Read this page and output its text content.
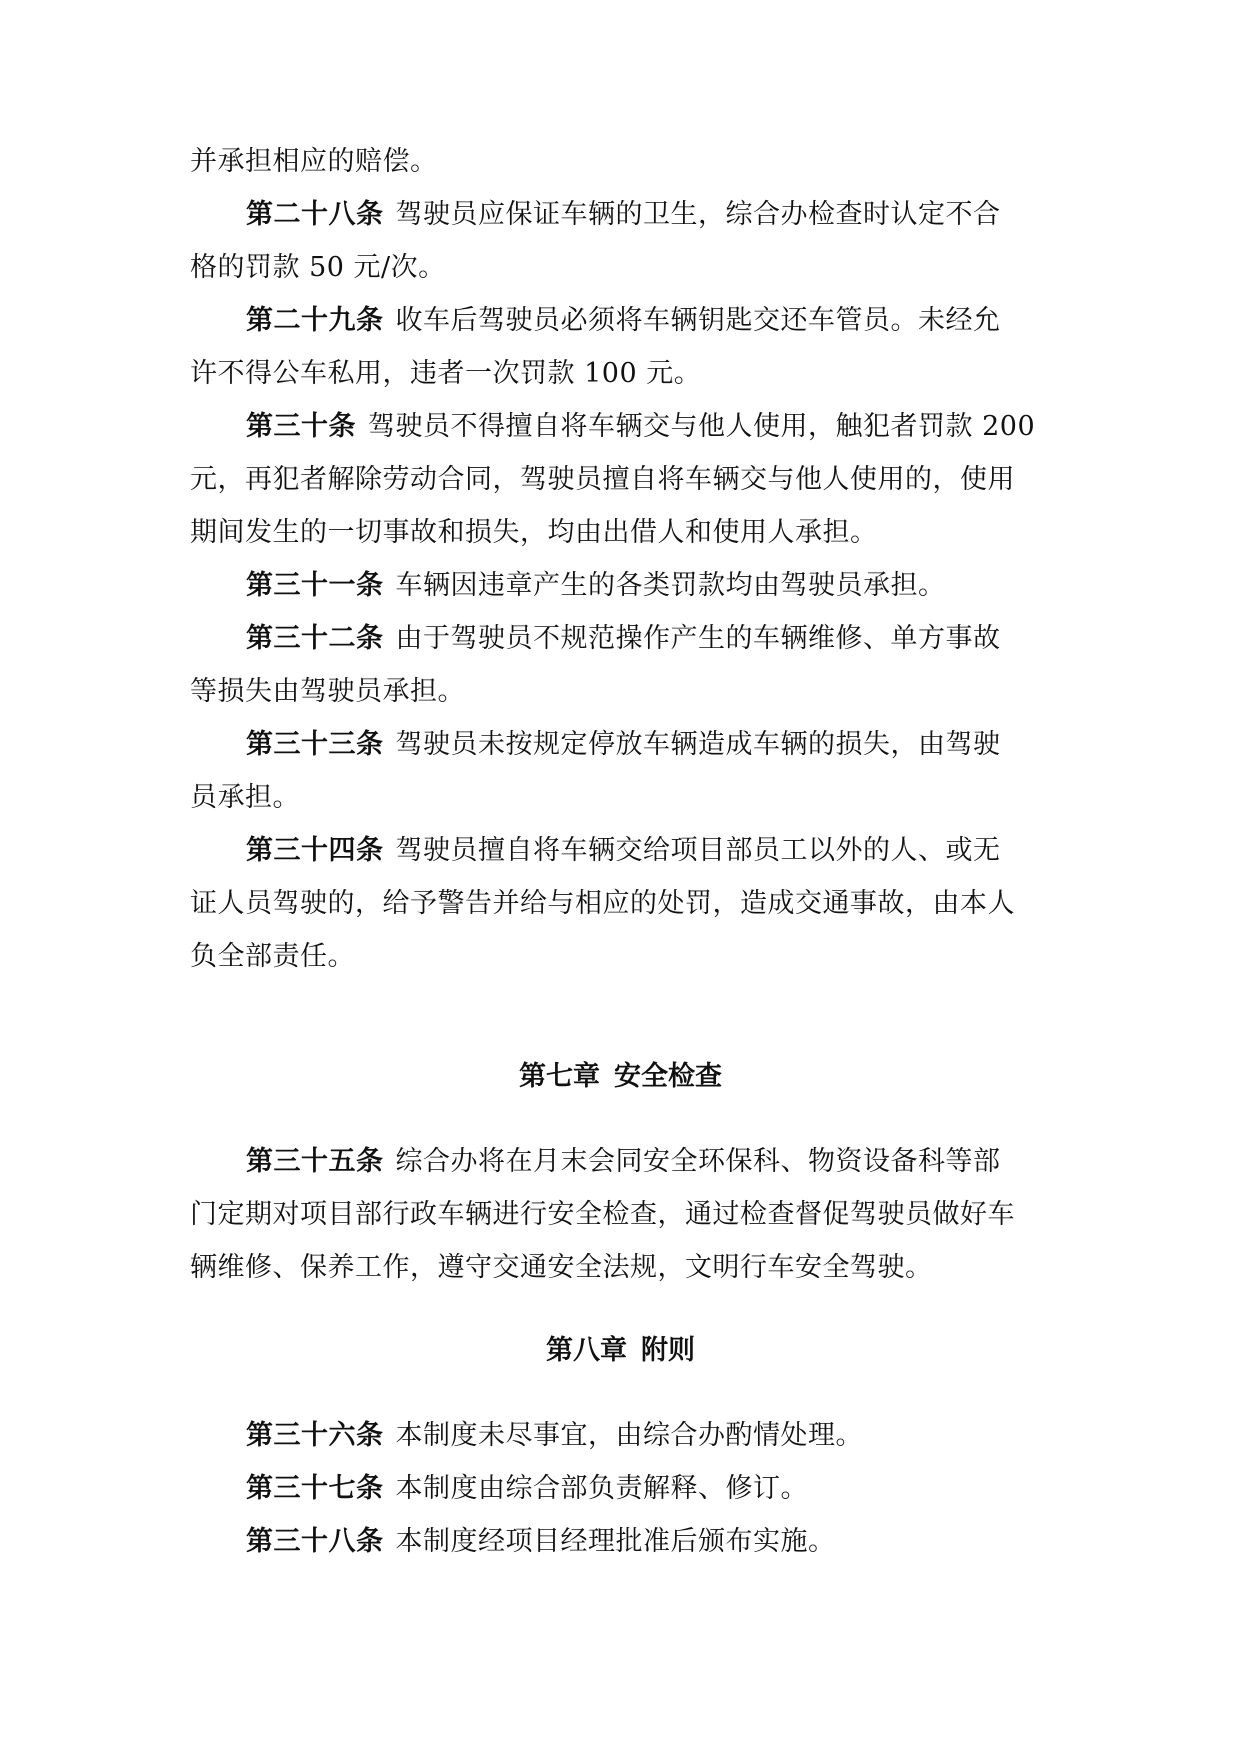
并承担相应的赔偿。
第二十八条 驾驶员应保证车辆的卫生，综合办检查时认定不合
格的罚款 50 元/次。
第二十九条 收车后驾驶员必须将车辆钥匙交还车管员。未经允
许不得公车私用，违者一次罚款 100 元。
第三十条 驾驶员不得擅自将车辆交与他人使用，触犯者罚款 200
元，再犯者解除劳动合同，驾驶员擅自将车辆交与他人使用的，使用
期间发生的一切事故和损失，均由出借人和使用人承担。
第三十一条 车辆因违章产生的各类罚款均由驾驶员承担。
第三十二条 由于驾驶员不规范操作产生的车辆维修、单方事故
等损失由驾驶员承担。
第三十三条 驾驶员未按规定停放车辆造成车辆的损失，由驾驶
员承担。
第三十四条 驾驶员擅自将车辆交给项目部员工以外的人、或无
证人员驾驶的，给予警告并给与相应的处罚，造成交通事故，由本人
负全部责任。
第七章 安全检查
第三十五条 综合办将在月末会同安全环保科、物资设备科等部
门定期对项目部行政车辆进行安全检查，通过检查督促驾驶员做好车
辆维修、保养工作，遵守交通安全法规，文明行车安全驾驶。
第八章 附则
第三十六条 本制度未尽事宜，由综合办酌情处理。
第三十七条 本制度由综合部负责解释、修订。
第三十八条 本制度经项目经理批准后颁布实施。
